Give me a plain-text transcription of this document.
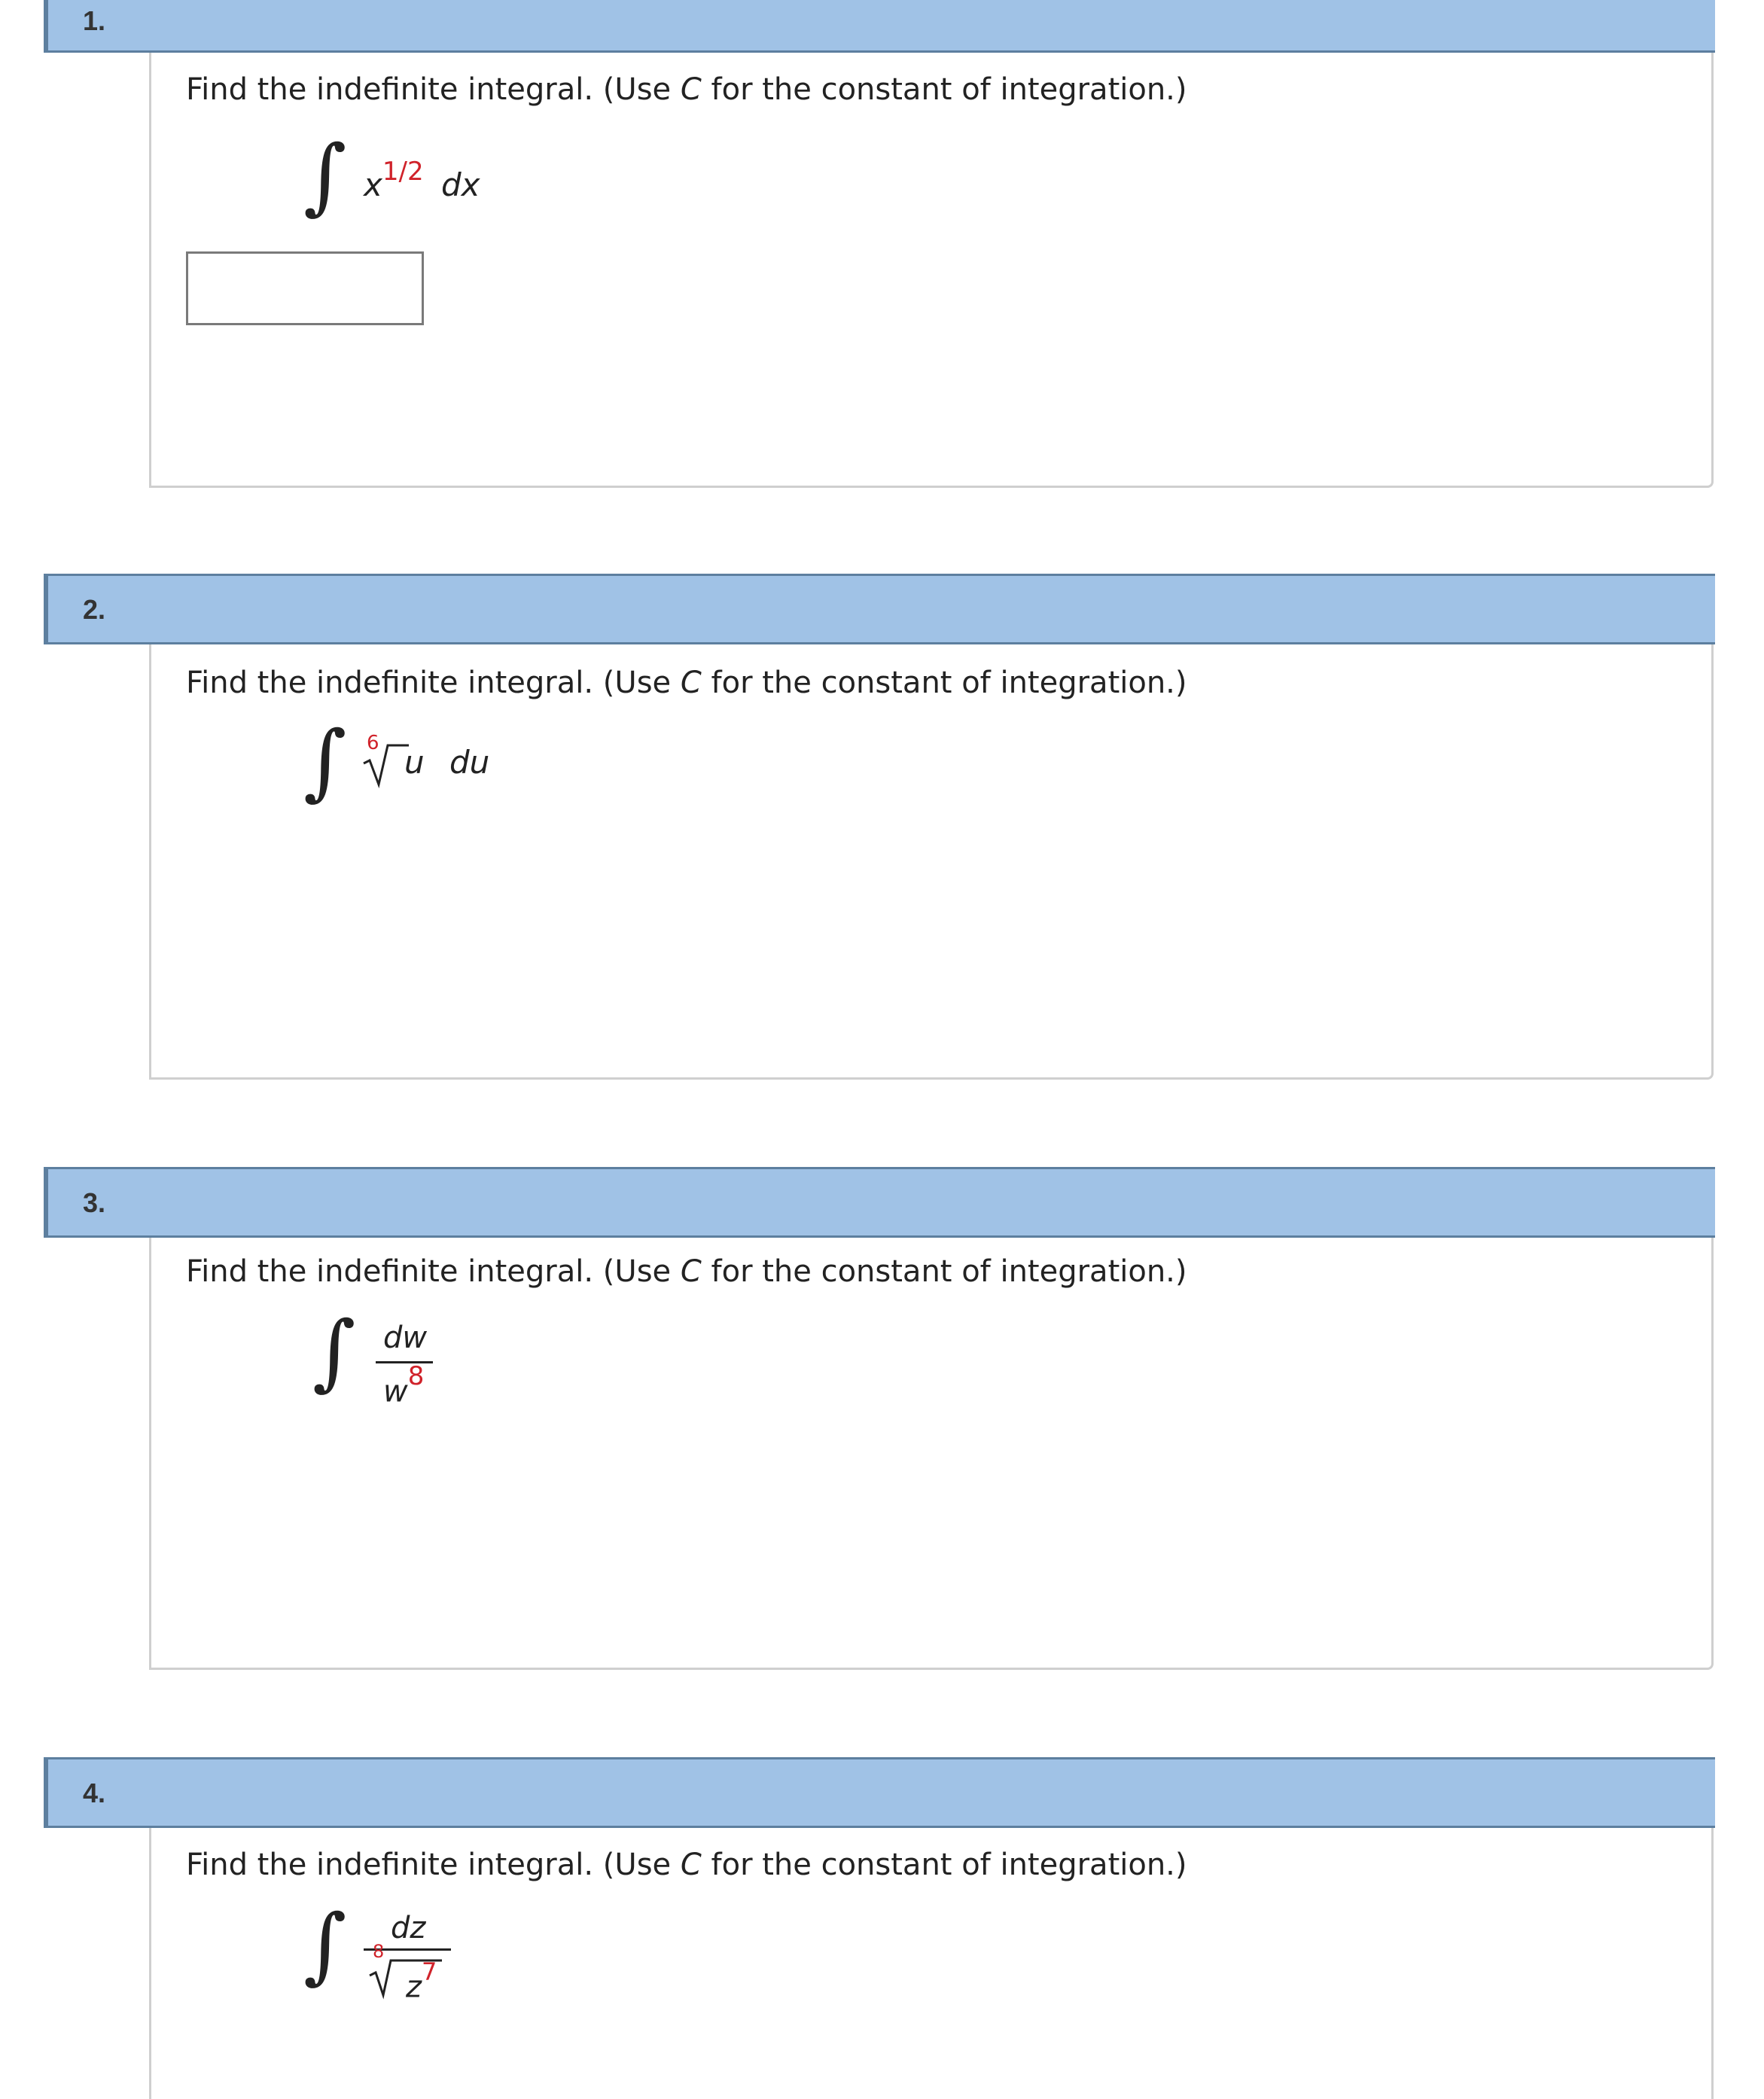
1.
Find the indefinite integral. (Use C for the constant of integration.)
∫ $x^{1/2}$ dx
2.
Find the indefinite integral. (Use C for the constant of integration.)
∫ 6
u du
3.
Find the indefinite integral. (Use C for the constant of integration.)
∫ dw
$w^8$
4.
Find the indefinite integral. (Use C for the constant of integration.)
∫ dz
8
$z^7$
